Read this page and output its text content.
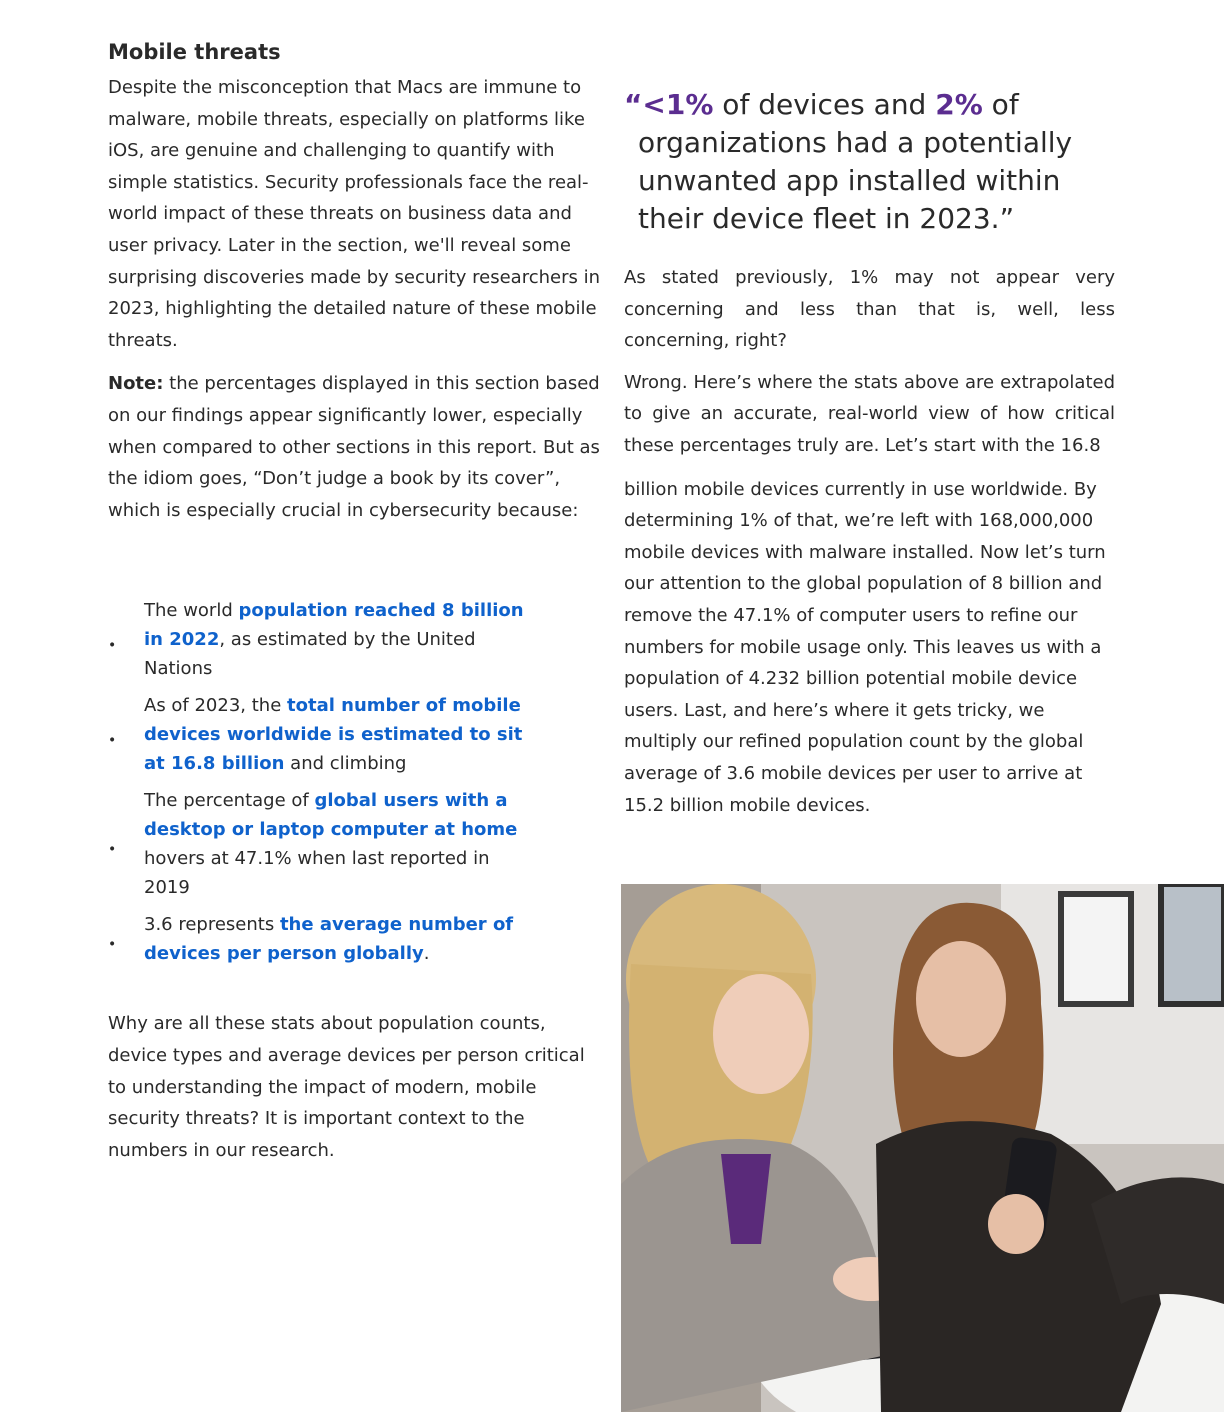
Mobile threats

Despite the misconception that Macs are immune to malware, mobile threats, especially on platforms like iOS, are genuine and challenging to quantify with simple statistics. Security professionals face the real-world impact of these threats on business data and user privacy. Later in the section, we'll reveal some surprising discoveries made by security researchers in 2023, highlighting the detailed nature of these mobile threats.

Note: the percentages displayed in this section based on our findings appear significantly lower, especially when compared to other sections in this report. But as the idiom goes, “Don’t judge a book by its cover”, which is especially crucial in cybersecurity because:

•
The world population reached 8 billion in 2022, as estimated by the United Nations
•
As of 2023, the total number of mobile devices worldwide is estimated to sit at 16.8 billion and climbing
•
The percentage of global users with a desktop or laptop computer at home hovers at 47.1% when last reported in 2019
•
3.6 represents the average number of devices per person globally.

Why are all these stats about population counts, device types and average devices per person critical to understanding the impact of modern, mobile security threats? It is important context to the numbers in our research.

“<1% of devices and 2% of organizations had a potentially unwanted app installed within their device fleet in 2023.”

As stated previously, 1% may not appear very concerning and less than that is, well, less concerning, right?

Wrong. Here’s where the stats above are extrapolated to give an accurate, real-world view of how critical these percentages truly are. Let’s start with the 16.8

billion mobile devices currently in use worldwide. By determining 1% of that, we’re left with 168,000,000 mobile devices with malware installed. Now let’s turn our attention to the global population of 8 billion and remove the 47.1% of computer users to refine our numbers for mobile usage only. This leaves us with a population of 4.232 billion potential mobile device users. Last, and here’s where it gets tricky, we multiply our refined population count by the global average of 3.6 mobile devices per user to arrive at 15.2 billion mobile devices.
